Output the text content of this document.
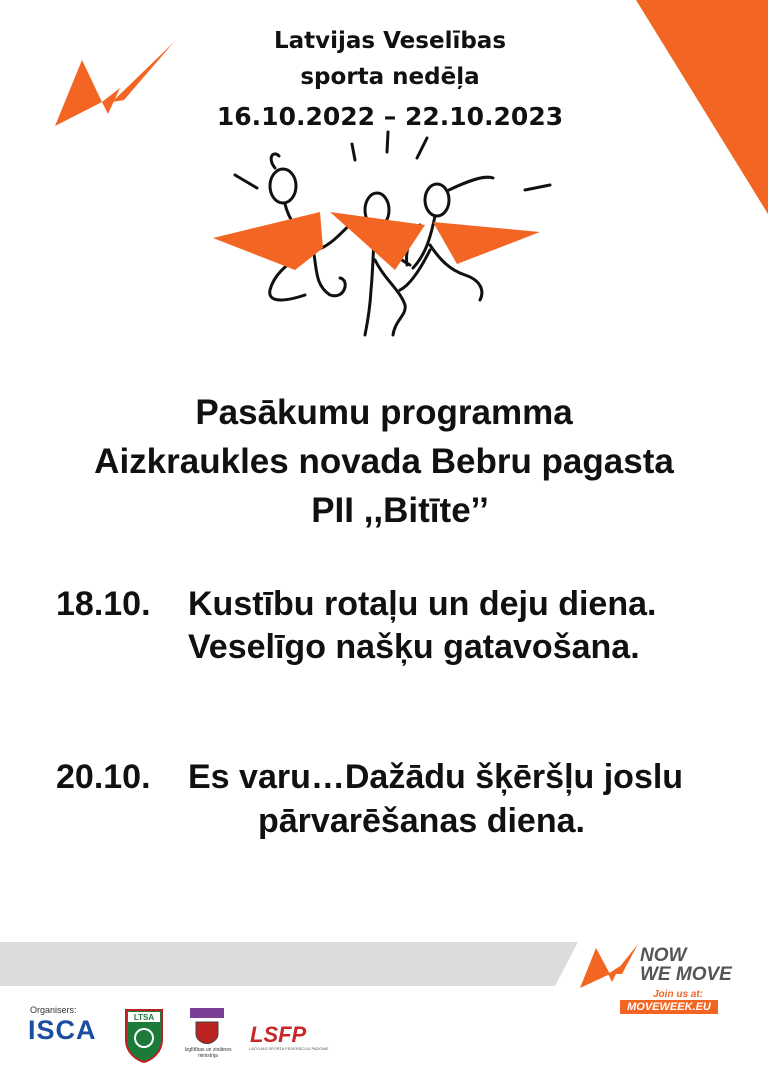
Latvijas Veselības
sporta nedēļa
16.10.2022 – 22.10.2023
Pasākumu programma
Aizkraukles novada Bebru pagasta
PII ,,Bitīte’’
18.10. Kustību rotaļu un deju diena.
Veselīgo našķu gatavošana.
20.10. Es varu…Dažādu šķēršļu joslu
pārvarēšanas diena.
NOW
WE MOVE
Join us at:
MOVEWEEK.EU
Organisers:
ISCA	LTSA
Izglītības un zinātnes ministrija
LSFP
LATVIJAS SPORTA FEDERĀCIJU PADOME
